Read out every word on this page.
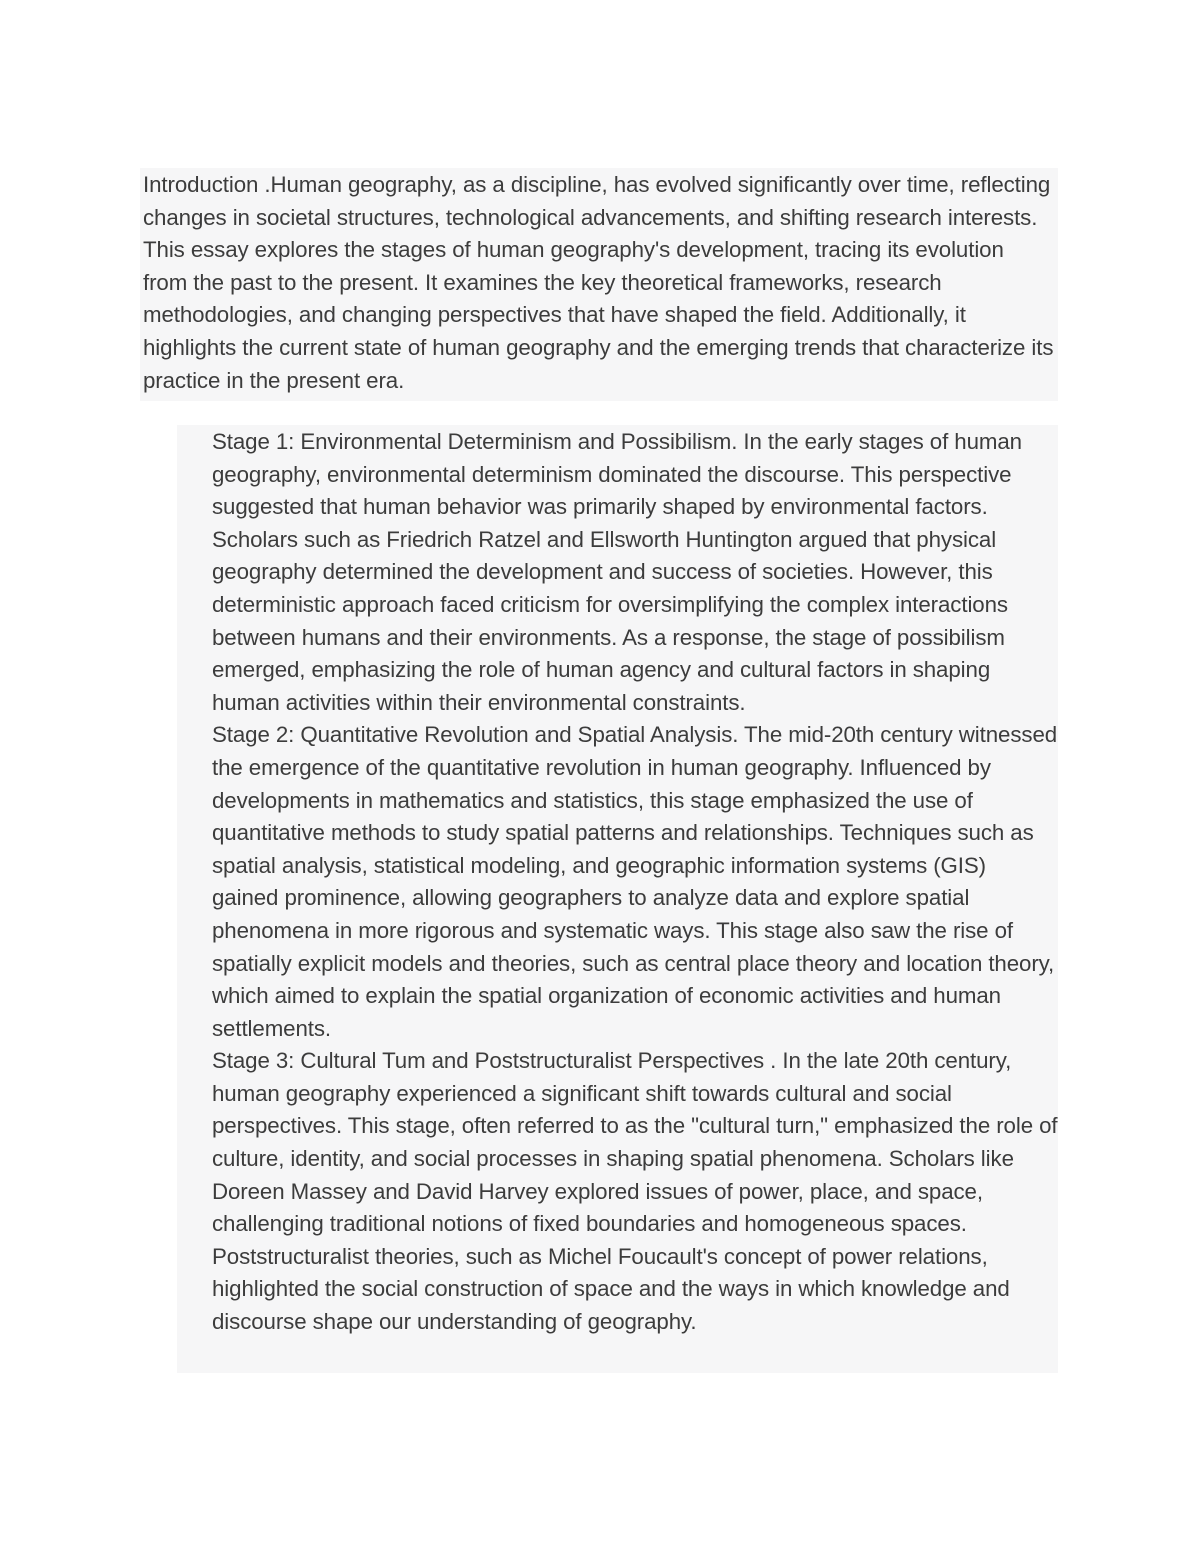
Introduction .Human geography, as a discipline, has evolved significantly over time, reflecting changes in societal structures, technological advancements, and shifting research interests. This essay explores the stages of human geography's development, tracing its evolution from the past to the present. It examines the key theoretical frameworks, research methodologies, and changing perspectives that have shaped the field. Additionally, it highlights the current state of human geography and the emerging trends that characterize its practice in the present era.

Stage 1: Environmental Determinism and Possibilism. In the early stages of human geography, environmental determinism dominated the discourse. This perspective suggested that human behavior was primarily shaped by environmental factors. Scholars such as Friedrich Ratzel and Ellsworth Huntington argued that physical geography determined the development and success of societies. However, this deterministic approach faced criticism for oversimplifying the complex interactions between humans and their environments. As a response, the stage of possibilism emerged, emphasizing the role of human agency and cultural factors in shaping human activities within their environmental constraints.

Stage 2: Quantitative Revolution and Spatial Analysis. The mid-20th century witnessed the emergence of the quantitative revolution in human geography. Influenced by developments in mathematics and statistics, this stage emphasized the use of quantitative methods to study spatial patterns and relationships. Techniques such as spatial analysis, statistical modeling, and geographic information systems (GIS) gained prominence, allowing geographers to analyze data and explore spatial phenomena in more rigorous and systematic ways. This stage also saw the rise of spatially explicit models and theories, such as central place theory and location theory, which aimed to explain the spatial organization of economic activities and human settlements.

Stage 3: Cultural Tum and Poststructuralist Perspectives . In the late 20th century, human geography experienced a significant shift towards cultural and social perspectives. This stage, often referred to as the "cultural turn," emphasized the role of culture, identity, and social processes in shaping spatial phenomena. Scholars like Doreen Massey and David Harvey explored issues of power, place, and space, challenging traditional notions of fixed boundaries and homogeneous spaces. Poststructuralist theories, such as Michel Foucault's concept of power relations, highlighted the social construction of space and the ways in which knowledge and discourse shape our understanding of geography.
